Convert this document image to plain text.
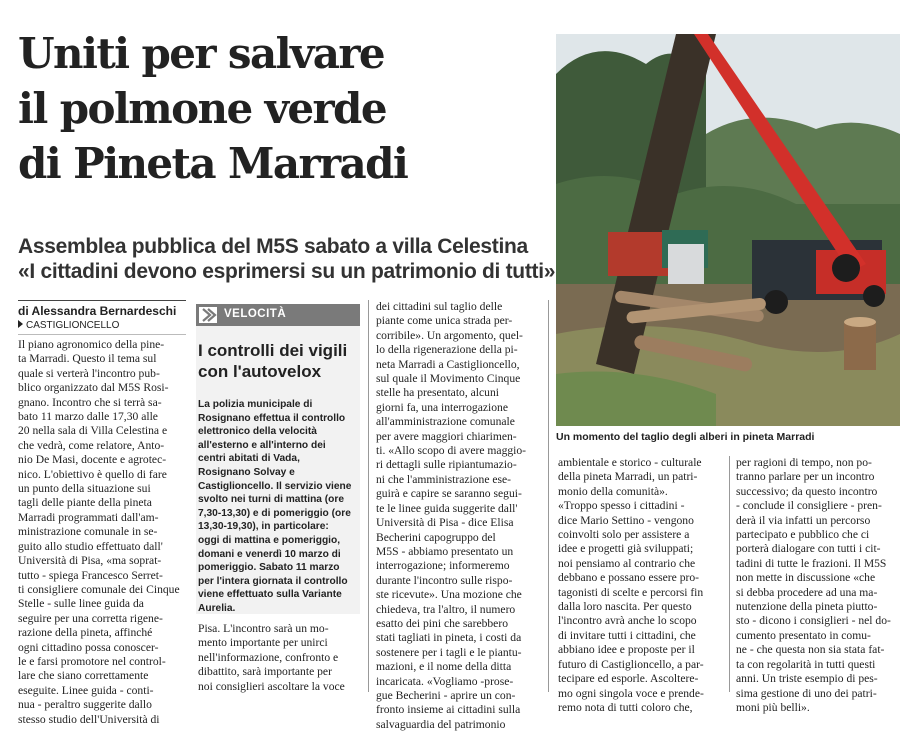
Uniti per salvare
il polmone verde
di Pineta Marradi
Assemblea pubblica del M5S sabato a villa Celestina
«I cittadini devono esprimersi su un patrimonio di tutti»
di Alessandra Bernardeschi
CASTIGLIONCELLO
Il piano agronomico della pine-
ta Marradi. Questo il tema sul
quale si verterà l'incontro pub-
blico organizzato dal M5S Rosi-
gnano. Incontro che si terrà sa-
bato 11 marzo dalle 17,30 alle
20 nella sala di Villa Celestina e
che vedrà, come relatore, Anto-
nio De Masi, docente e agrotec-
nico. L'obiettivo è quello di fare
un punto della situazione sui
tagli delle piante della pineta
Marradi programmati dall'am-
ministrazione comunale in se-
guito allo studio effettuato dall'
Università di Pisa, «ma soprat-
tutto - spiega Francesco Serret-
ti consigliere comunale dei Cinque
Stelle - sulle linee guida da
seguire per una corretta rigene-
razione della pineta, affinché
ogni cittadino possa conoscer-
le e farsi promotore nel control-
lare che siano correttamente
eseguite. Linee guida - conti-
nua - peraltro suggerite dallo
stesso studio dell'Università di
VELOCITÀ
I controlli dei vigili
con l'autovelox
La polizia municipale di
Rosignano effettua il controllo
elettronico della velocità
all'esterno e all'interno dei
centri abitati di Vada,
Rosignano Solvay e
Castiglioncello. Il servizio viene
svolto nei turni di mattina (ore
7,30-13,30) e di pomeriggio (ore
13,30-19,30), in particolare:
oggi di mattina e pomeriggio,
domani e venerdì 10 marzo di
pomeriggio. Sabato 11 marzo
per l'intera giornata il controllo
viene effettuato sulla Variante
Aurelia.
Pisa. L'incontro sarà un mo-
mento importante per unirci
nell'informazione, confronto e
dibattito, sarà importante per
noi consiglieri ascoltare la voce
dei cittadini sul taglio delle
piante come unica strada per-
corribile». Un argomento, quel-
lo della rigenerazione della pi-
neta Marradi a Castiglioncello,
sul quale il Movimento Cinque
stelle ha presentato, alcuni
giorni fa, una interrogazione
all'amministrazione comunale
per avere maggiori chiarimen-
ti. «Allo scopo di avere maggio-
ri dettagli sulle ripiantumazio-
ni che l'amministrazione ese-
guirà e capire se saranno segui-
te le linee guida suggerite dall'
Università di Pisa - dice Elisa
Becherini capogruppo del
M5S - abbiamo presentato un
interrogazione; informeremo
durante l'incontro sulle rispo-
ste ricevute». Una mozione che
chiedeva, tra l'altro, il numero
esatto dei pini che sarebbero
stati tagliati in pineta, i costi da
sostenere per i tagli e le piantu-
mazioni, e il nome della ditta
incaricata. «Vogliamo -prose-
gue Becherini - aprire un con-
fronto insieme ai cittadini sulla
salvaguardia del patrimonio
Un momento del taglio degli alberi in pineta Marradi
ambientale e storico - culturale
della pineta Marradi, un patri-
monio della comunità».
«Troppo spesso i cittadini -
dice Mario Settino - vengono
coinvolti solo per assistere a
idee e progetti già sviluppati;
noi pensiamo al contrario che
debbano e possano essere pro-
tagonisti di scelte e percorsi fin
dalla loro nascita. Per questo
l'incontro avrà anche lo scopo
di invitare tutti i cittadini, che
abbiano idee e proposte per il
futuro di Castiglioncello, a par-
tecipare ed esporle. Ascoltere-
mo ogni singola voce e prende-
remo nota di tutti coloro che,
per ragioni di tempo, non po-
tranno parlare per un incontro
successivo; da questo incontro
- conclude il consigliere - pren-
derà il via infatti un percorso
partecipato e pubblico che ci
porterà dialogare con tutti i cit-
tadini di tutte le frazioni. Il M5S
non mette in discussione «che
si debba procedere ad una ma-
nutenzione della pineta piutto-
sto - dicono i consiglieri - nel do-
cumento presentato in comu-
ne - che questa non sia stata fat-
ta con regolarità in tutti questi
anni. Un triste esempio di pes-
sima gestione di uno dei patri-
moni più belli».
